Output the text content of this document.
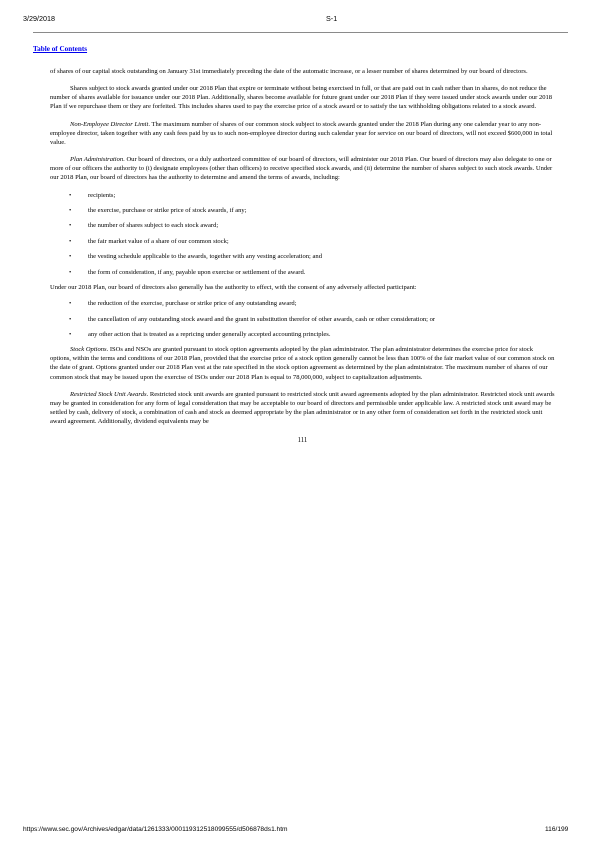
3/29/2018	S-1
Table of Contents

of shares of our capital stock outstanding on January 31st immediately preceding the date of the automatic increase, or a lesser number of shares determined by our board of directors.

Shares subject to stock awards granted under our 2018 Plan that expire or terminate without being exercised in full, or that are paid out in cash rather than in shares, do not reduce the number of shares available for issuance under our 2018 Plan. Additionally, shares become available for future grant under our 2018 Plan if they were issued under stock awards under our 2018 Plan if we repurchase them or they are forfeited. This includes shares used to pay the exercise price of a stock award or to satisfy the tax withholding obligations related to a stock award.

Non-Employee Director Limit. The maximum number of shares of our common stock subject to stock awards granted under the 2018 Plan during any one calendar year to any non-employee director, taken together with any cash fees paid by us to such non-employee director during such calendar year for service on our board of directors, will not exceed $600,000 in total value.

Plan Administration. Our board of directors, or a duly authorized committee of our board of directors, will administer our 2018 Plan. Our board of directors may also delegate to one or more of our officers the authority to (i) designate employees (other than officers) to receive specified stock awards, and (ii) determine the number of shares subject to such stock awards. Under our 2018 Plan, our board of directors has the authority to determine and amend the terms of awards, including:

•	recipients;
•	the exercise, purchase or strike price of stock awards, if any;
•	the number of shares subject to each stock award;
•	the fair market value of a share of our common stock;
•	the vesting schedule applicable to the awards, together with any vesting acceleration; and
•	the form of consideration, if any, payable upon exercise or settlement of the award.

Under our 2018 Plan, our board of directors also generally has the authority to effect, with the consent of any adversely affected participant:

•	the reduction of the exercise, purchase or strike price of any outstanding award;
•	the cancellation of any outstanding stock award and the grant in substitution therefor of other awards, cash or other consideration; or
•	any other action that is treated as a repricing under generally accepted accounting principles.

Stock Options. ISOs and NSOs are granted pursuant to stock option agreements adopted by the plan administrator. The plan administrator determines the exercise price for stock options, within the terms and conditions of our 2018 Plan, provided that the exercise price of a stock option generally cannot be less than 100% of the fair market value of our common stock on the date of grant. Options granted under our 2018 Plan vest at the rate specified in the stock option agreement as determined by the plan administrator. The maximum number of shares of our common stock that may be issued upon the exercise of ISOs under our 2018 Plan is equal to 78,000,000, subject to capitalization adjustments.

Restricted Stock Unit Awards. Restricted stock unit awards are granted pursuant to restricted stock unit award agreements adopted by the plan administrator. Restricted stock unit awards may be granted in consideration for any form of legal consideration that may be acceptable to our board of directors and permissible under applicable law. A restricted stock unit award may be settled by cash, delivery of stock, a combination of cash and stock as deemed appropriate by the plan administrator or in any other form of consideration set forth in the restricted stock unit award agreement. Additionally, dividend equivalents may be

111
https://www.sec.gov/Archives/edgar/data/1261333/000119312518099555/d506878ds1.htm	116/199
